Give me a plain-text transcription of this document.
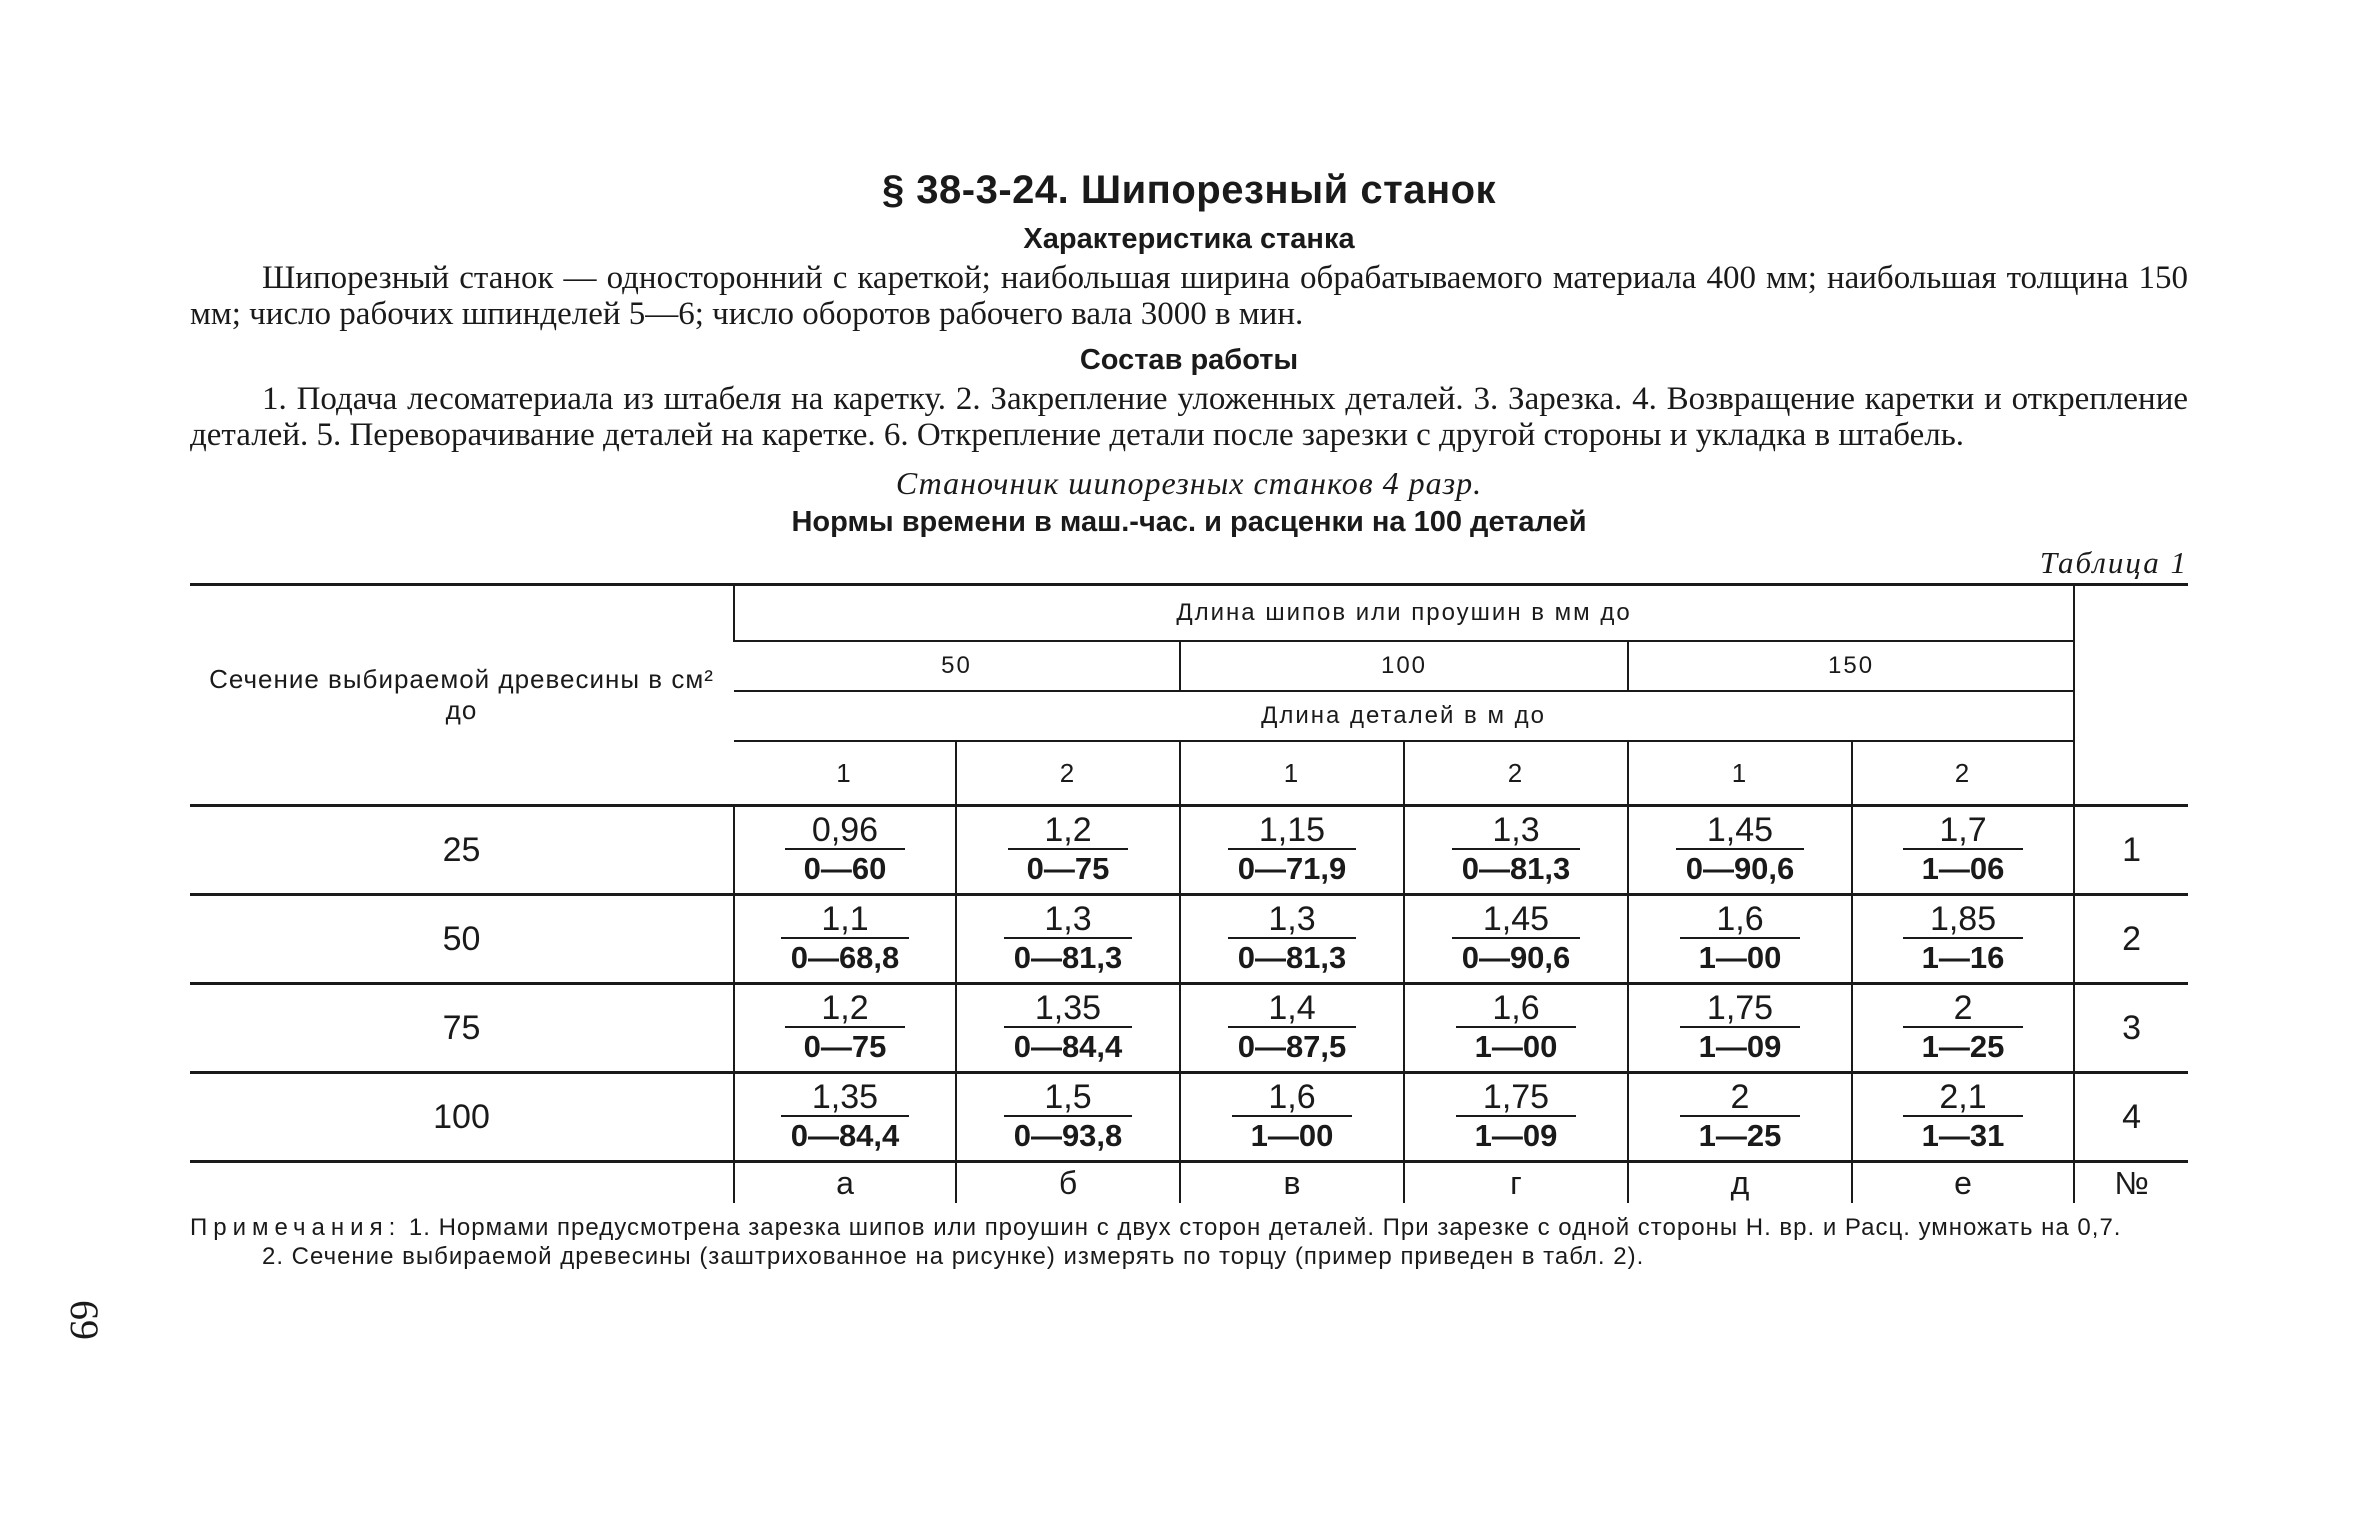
69
§ 38-3-24. Шипорезный станок
Характеристика станка

Шипорезный станок — односторонний с кареткой; наибольшая ширина обрабатываемого материала 400 мм; наибольшая толщина 150 мм; число рабочих шпинделей 5—6; число оборотов рабочего вала 3000 в мин.

Состав работы

1. Подача лесоматериала из штабеля на каретку. 2. Закрепление уложенных деталей. 3. Зарезка. 4. Возвращение каретки и открепление деталей. 5. Переворачивание деталей на каретке. 6. Открепление детали после зарезки с другой стороны и укладка в штабель.

Станочник шипорезных станков 4 разр.
Нормы времени в маш.-час. и расценки на 100 деталей
Таблица 1
Сечение выбираемой древесины в см² до	Длина шипов или проушин в мм до						
	50		100		150		
	Длина деталей в м до						
	1	2	1	2	1	2	
25	$\frac{0,96}{0—60}$	$\frac{1,2}{0—75}$	$\frac{1,15}{0—71,9}$	$\frac{1,3}{0—81,3}$	$\frac{1,45}{0—90,6}$	$\frac{1,7}{1—06}$	1
50	$\frac{1,1}{0—68,8}$	$\frac{1,3}{0—81,3}$	$\frac{1,3}{0—81,3}$	$\frac{1,45}{0—90,6}$	$\frac{1,6}{1—00}$	$\frac{1,85}{1—16}$	2
75	$\frac{1,2}{0—75}$	$\frac{1,35}{0—84,4}$	$\frac{1,4}{0—87,5}$	$\frac{1,6}{1—00}$	$\frac{1,75}{1—09}$	$\frac{2}{1—25}$	3
100	$\frac{1,35}{0—84,4}$	$\frac{1,5}{0—93,8}$	$\frac{1,6}{1—00}$	$\frac{1,75}{1—09}$	$\frac{2}{1—25}$	$\frac{2,1}{1—31}$	4
	а	б	в	г	д	е	№
Примечания: 1. Нормами предусмотрена зарезка шипов или проушин с двух сторон деталей. При зарезке с одной стороны Н. вр. и Расц. умножать на 0,7.
2. Сечение выбираемой древесины (заштрихованное на рисунке) измерять по торцу (пример приведен в табл. 2).
